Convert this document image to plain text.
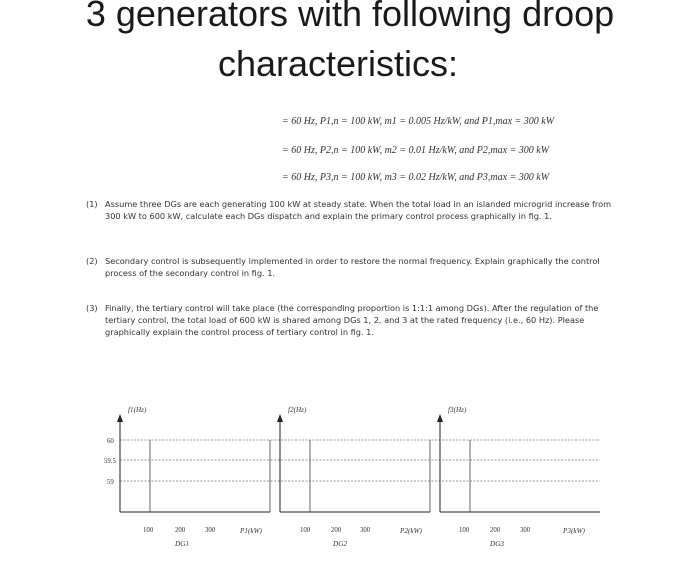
3 generators with following droop
characteristics:
= 60 Hz, P1,n = 100 kW, m1 = 0.005 Hz/kW, and P1,max = 300 kW
= 60 Hz, P2,n = 100 kW, m2 = 0.01 Hz/kW, and P2,max = 300 kW
= 60 Hz, P3,n = 100 kW, m3 = 0.02 Hz/kW, and P3,max = 300 kW
(1) Assume three DGs are each generating 100 kW at steady state. When the total load in an islanded microgrid increase from 300 kW to 600 kW, calculate each DGs dispatch and explain the primary control process graphically in fig. 1.
(2) Secondary control is subsequently implemented in order to restore the normal frequency. Explain graphically the control process of the secondary control in fig. 1.
(3) Finally, the tertiary control will take place (the corresponding proportion is 1:1:1 among DGs). After the regulation of the tertiary control, the total load of 600 kW is shared among DGs 1, 2, and 3 at the rated frequency (i.e., 60 Hz). Please graphically explain the control process of tertiary control in fig. 1.
60
59.5
59
f1(Hz)
100	200	300	P1(kW)
DG1
f2(Hz)
100	200	300	P2(kW)
DG2
f3(Hz)
100	200	300	P3(kW)
DG3
